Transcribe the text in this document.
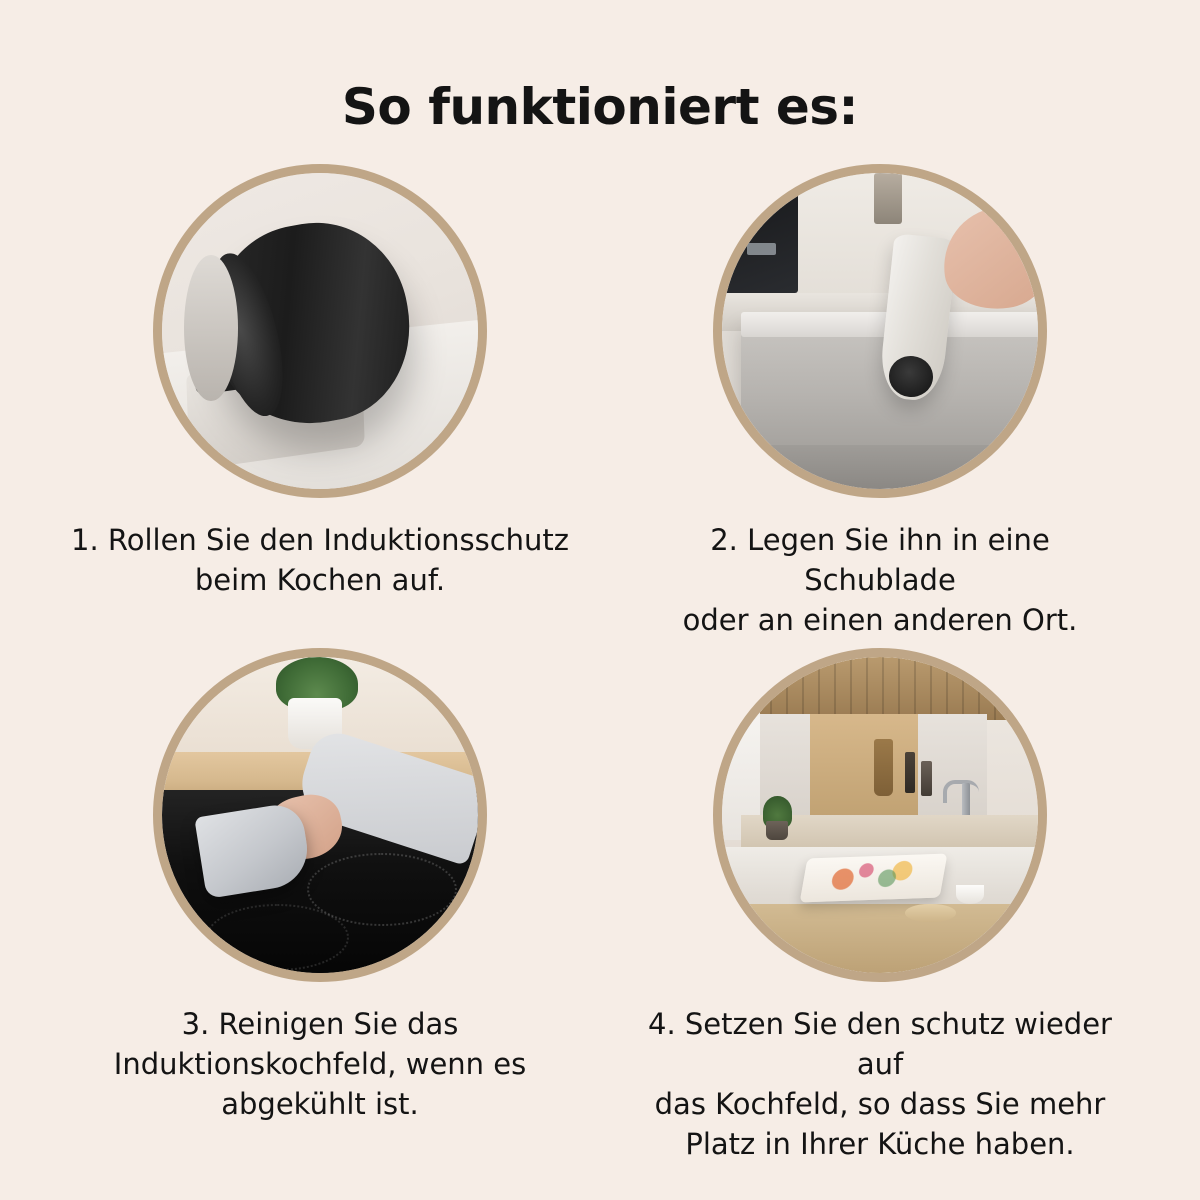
So funktioniert es:
1. Rollen Sie den Induktionsschutz
beim Kochen auf.
2. Legen Sie ihn in eine Schublade
oder an einen anderen Ort.
3. Reinigen Sie das
Induktionskochfeld, wenn es
abgekühlt ist.
4. Setzen Sie den schutz wieder auf
das Kochfeld, so dass Sie mehr
Platz in Ihrer Küche haben.
